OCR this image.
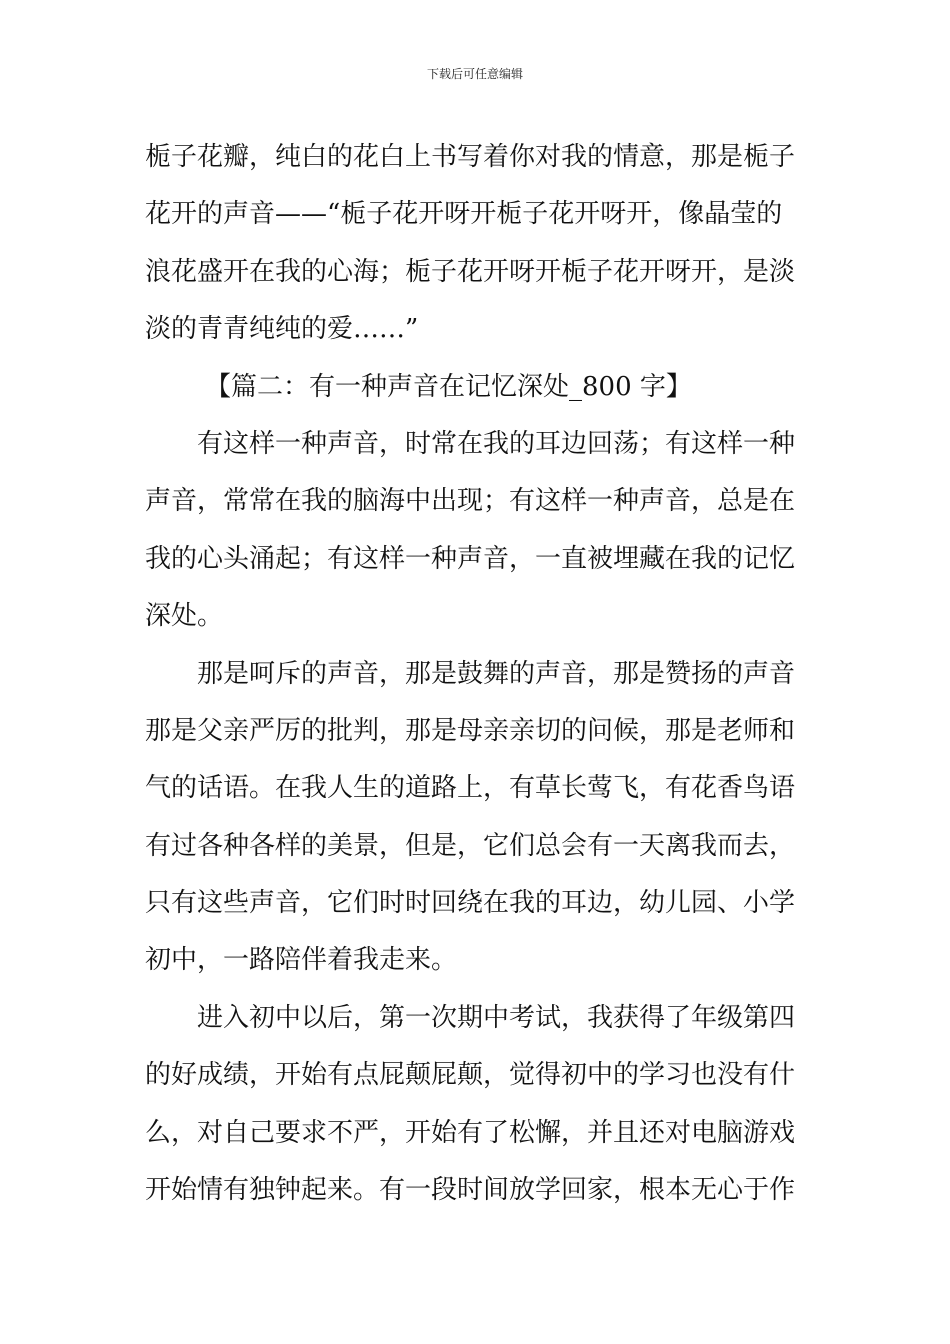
下载后可任意编辑
栀子花瓣，纯白的花白上书写着你对我的情意，那是栀子
花开的声音——“栀子花开呀开栀子花开呀开，像晶莹的
浪花盛开在我的心海；栀子花开呀开栀子花开呀开，是淡
淡的青青纯纯的爱……”
【篇二：有一种声音在记忆深处_800 字】
有这样一种声音，时常在我的耳边回荡；有这样一种
声音，常常在我的脑海中出现；有这样一种声音，总是在
我的心头涌起；有这样一种声音，一直被埋藏在我的记忆
深处。
那是呵斥的声音，那是鼓舞的声音，那是赞扬的声音
那是父亲严厉的批判，那是母亲亲切的问候，那是老师和
气的话语。在我人生的道路上，有草长莺飞，有花香鸟语
有过各种各样的美景，但是，它们总会有一天离我而去，
只有这些声音，它们时时回绕在我的耳边，幼儿园、小学
初中，一路陪伴着我走来。
进入初中以后，第一次期中考试，我获得了年级第四
的好成绩，开始有点屁颠屁颠，觉得初中的学习也没有什
么，对自己要求不严，开始有了松懈，并且还对电脑游戏
开始情有独钟起来。有一段时间放学回家，根本无心于作
